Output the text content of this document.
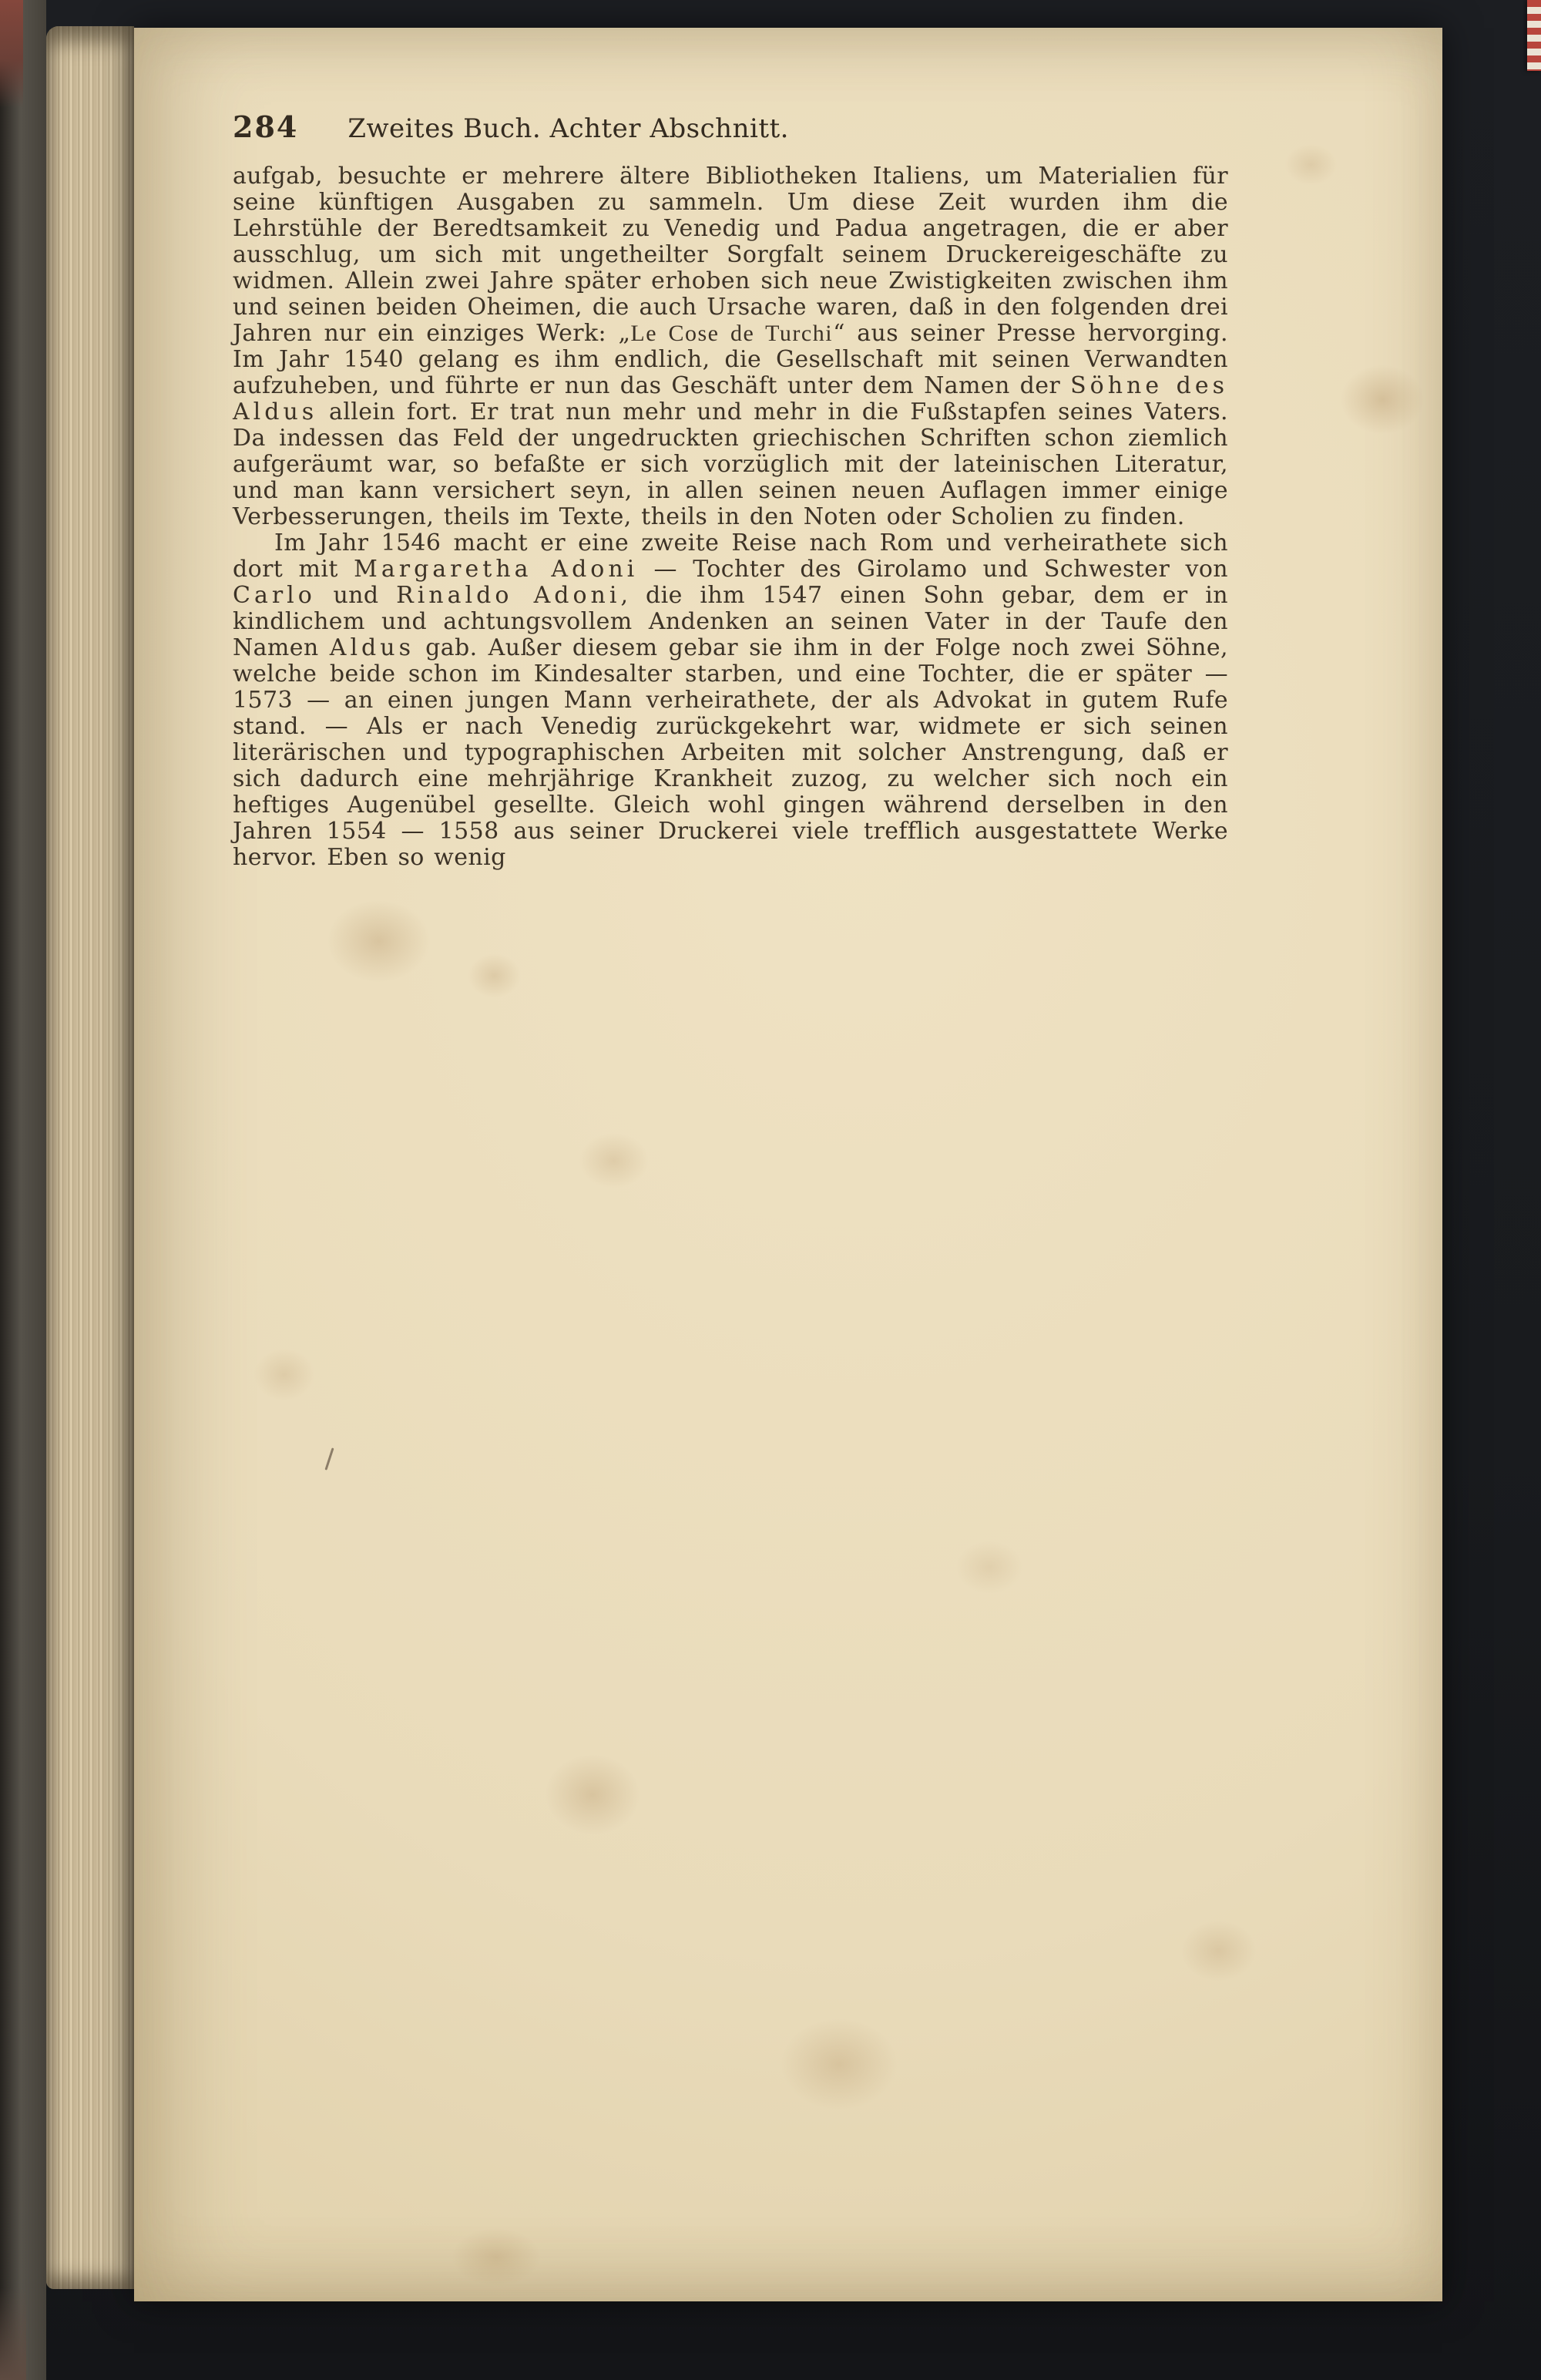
284 Zweites Buch. Achter Abschnitt.

aufgab, besuchte er mehrere ältere Bibliotheken Italiens, um Materialien für seine künftigen Ausgaben zu sammeln. Um diese Zeit wurden ihm die Lehrstühle der Beredtsamkeit zu Venedig und Padua angetragen, die er aber ausschlug, um sich mit ungetheilter Sorgfalt seinem Druckereigeschäfte zu widmen. Allein zwei Jahre später erhoben sich neue Zwistigkeiten zwischen ihm und seinen beiden Oheimen, die auch Ursache waren, daß in den folgenden drei Jahren nur ein einziges Werk: „Le Cose de Turchi“ aus seiner Presse hervorging. Im Jahr 1540 gelang es ihm endlich, die Gesellschaft mit seinen Verwandten aufzuheben, und führte er nun das Geschäft unter dem Namen der Söhne des Aldus allein fort. Er trat nun mehr und mehr in die Fußstapfen seines Vaters. Da indessen das Feld der ungedruckten griechischen Schriften schon ziemlich aufgeräumt war, so befaßte er sich vorzüglich mit der lateinischen Literatur, und man kann versichert seyn, in allen seinen neuen Auflagen immer einige Verbesserungen, theils im Texte, theils in den Noten oder Scholien zu finden.

Im Jahr 1546 macht er eine zweite Reise nach Rom und verheirathete sich dort mit Margaretha Adoni — Tochter des Girolamo und Schwester von Carlo und Rinaldo Adoni, die ihm 1547 einen Sohn gebar, dem er in kindlichem und achtungsvollem Andenken an seinen Vater in der Taufe den Namen Aldus gab. Außer diesem gebar sie ihm in der Folge noch zwei Söhne, welche beide schon im Kindesalter starben, und eine Tochter, die er später — 1573 — an einen jungen Mann verheirathete, der als Advokat in gutem Rufe stand. — Als er nach Venedig zurückgekehrt war, widmete er sich seinen literärischen und typographischen Arbeiten mit solcher Anstrengung, daß er sich dadurch eine mehrjährige Krankheit zuzog, zu welcher sich noch ein heftiges Augenübel gesellte. Gleich wohl gingen während derselben in den Jahren 1554 — 1558 aus seiner Druckerei viele trefflich ausgestattete Werke hervor. Eben so wenig
